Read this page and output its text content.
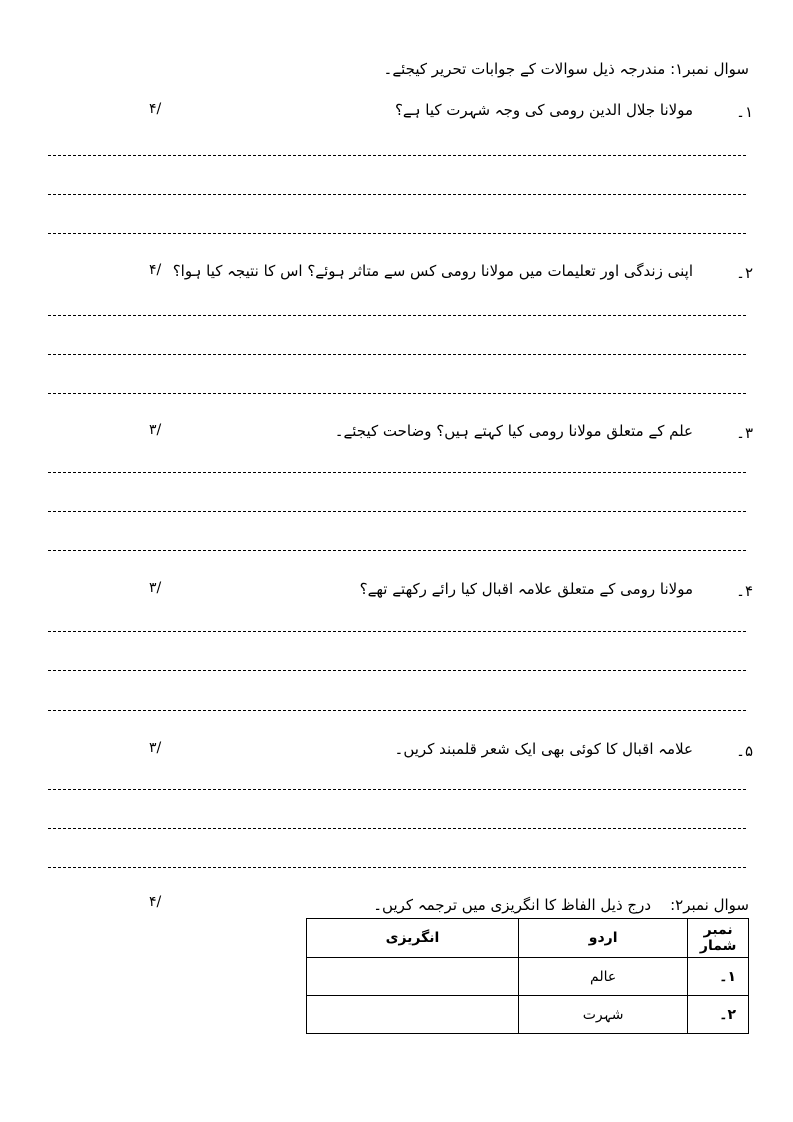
سوال نمبر۱: مندرجہ ذیل سوالات کے جوابات تحریر کیجئے۔
۱۔
مولانا جلال الدین رومی کی وجہ شہرت کیا ہے؟
۴/
۲۔
اپنی زندگی اور تعلیمات میں مولانا رومی کس سے متاثر ہوئے؟ اس کا نتیجہ کیا ہوا؟
۴/
۳۔
علم کے متعلق مولانا رومی کیا کہتے ہیں؟ وضاحت کیجئے۔
۳/
۴۔
مولانا رومی کے متعلق علامہ اقبال کیا رائے رکھتے تھے؟
۳/
۵۔
علامہ اقبال کا کوئی بھی ایک شعر قلمبند کریں۔
۳/
سوال نمبر۲:
درج ذیل الفاظ کا انگریزی میں ترجمہ کریں۔
۴/
انگریزی	اردو	نمبر شمار
	عالم	۱۔
	شہرت	۲۔
